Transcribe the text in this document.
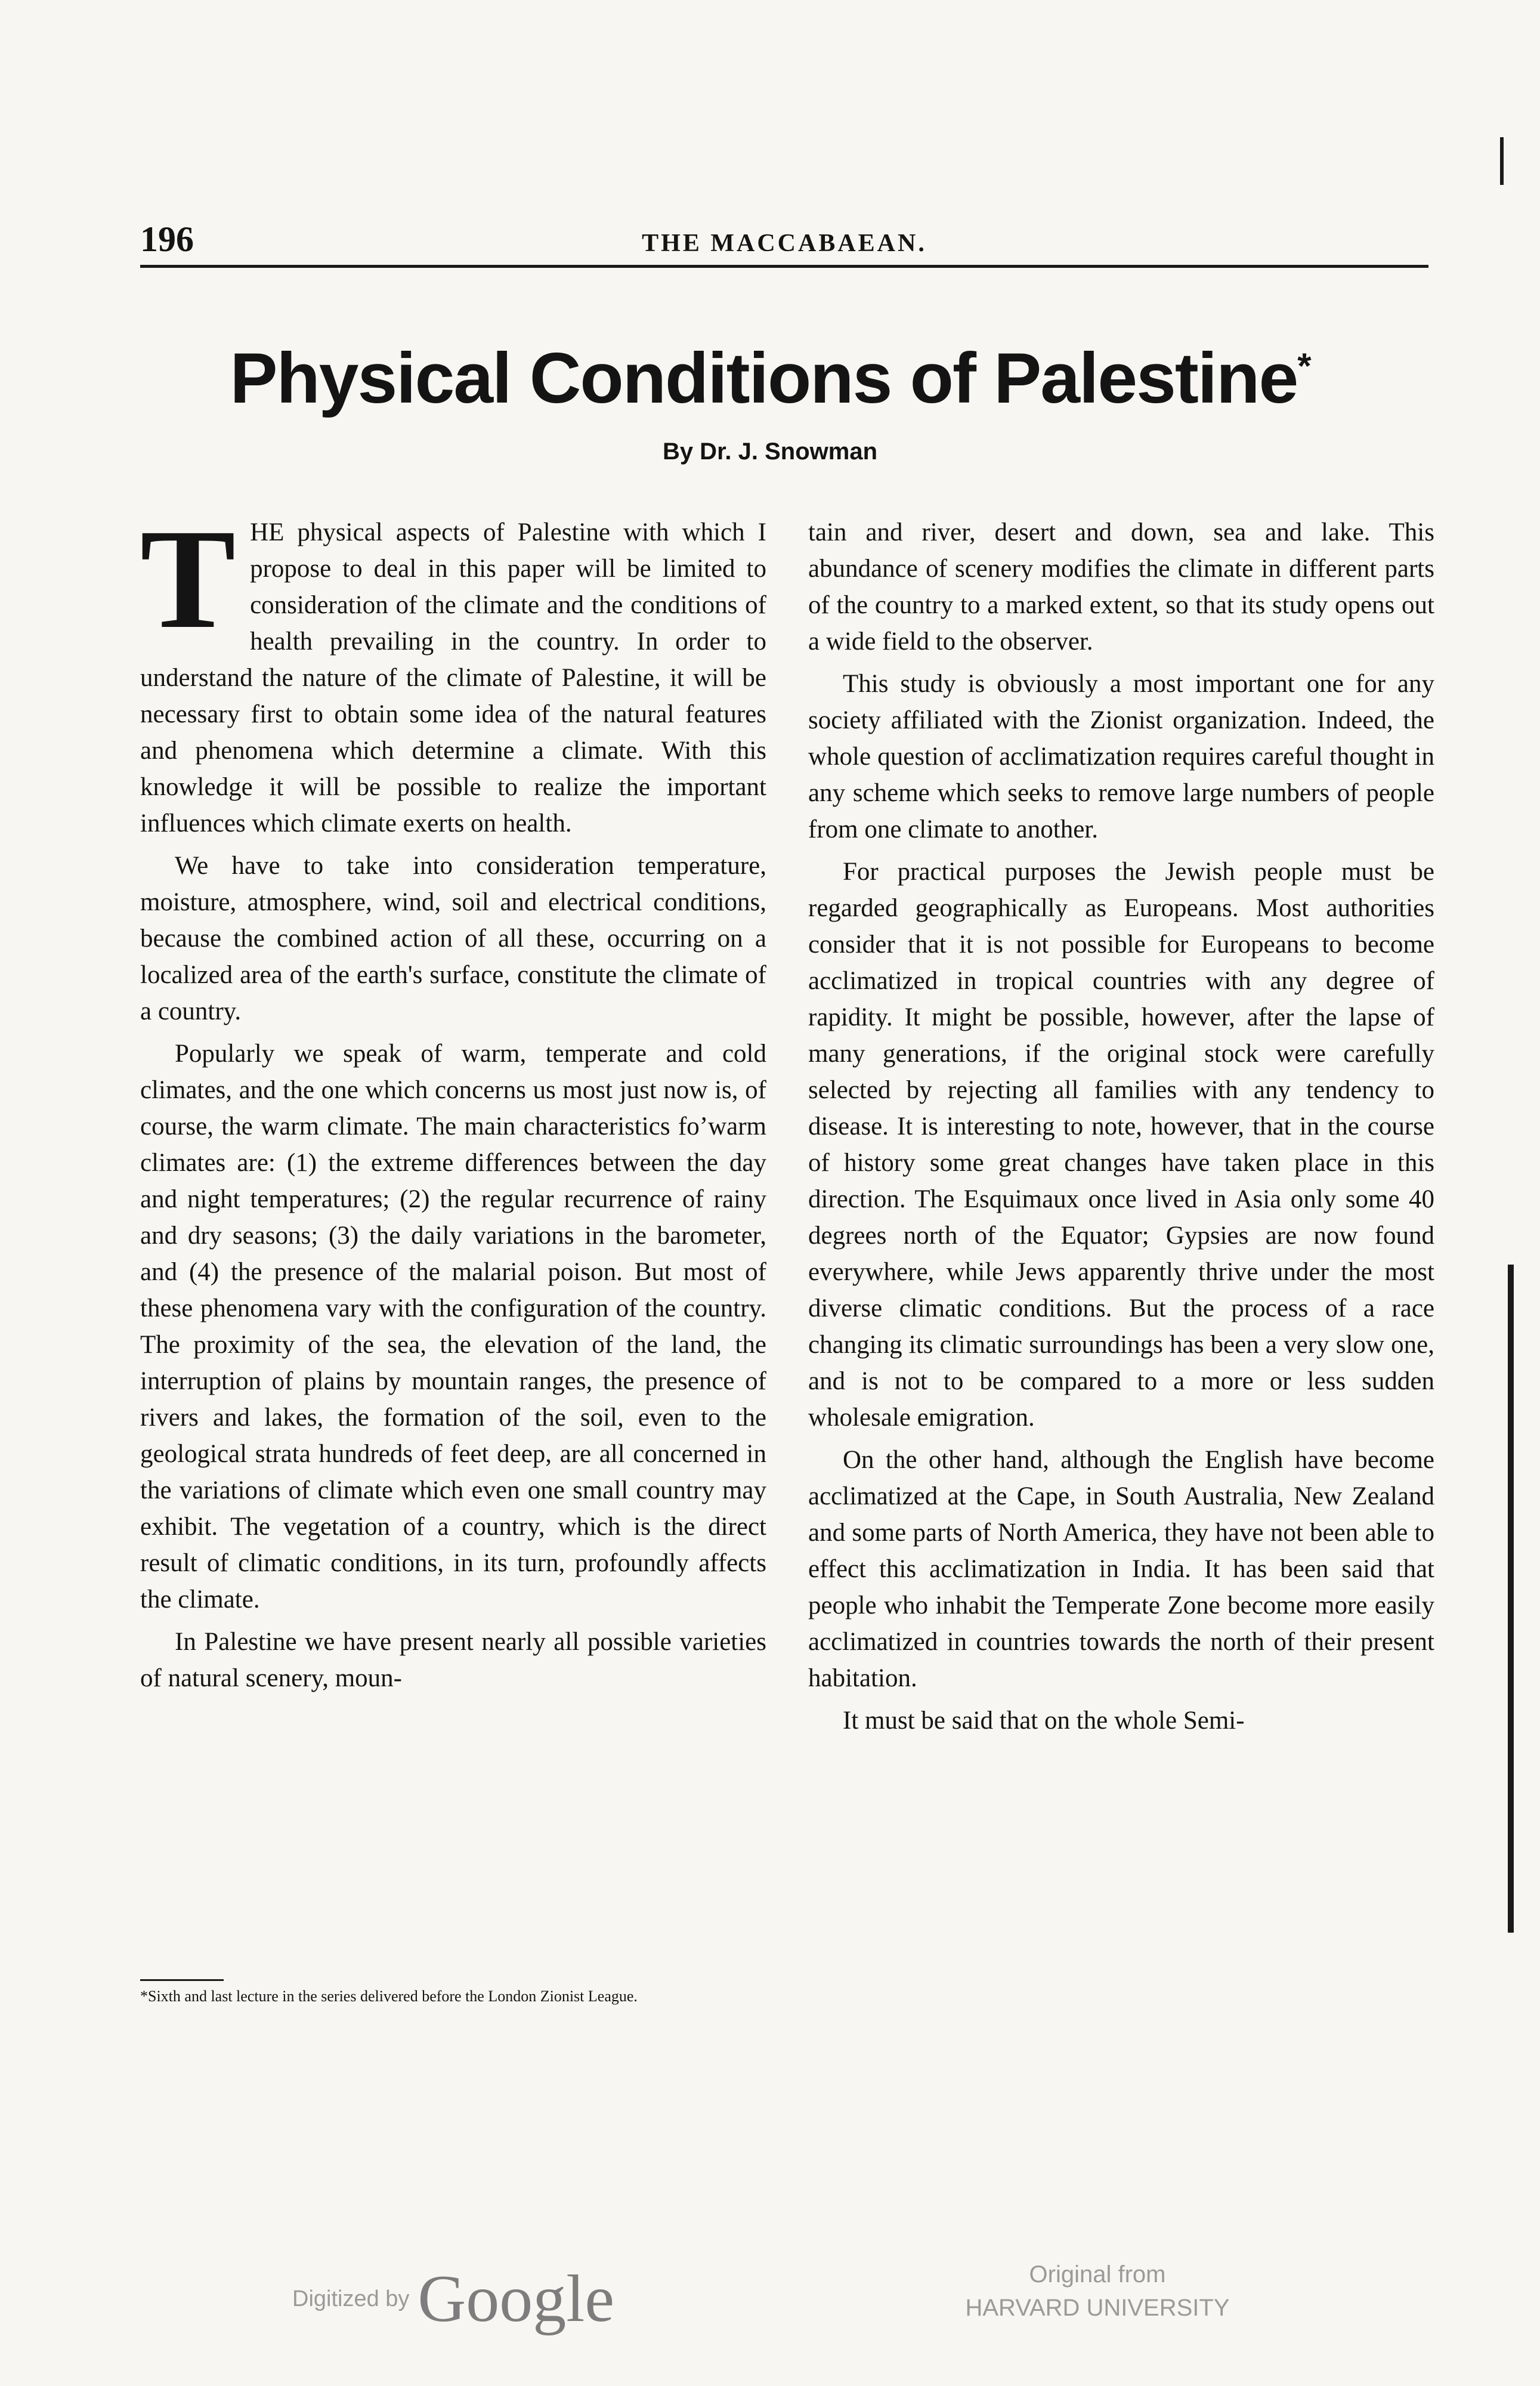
196	THE MACCABAEAN.
Physical Conditions of Palestine*
By Dr. J. Snowman

THE physical aspects of Palestine with which I propose to deal in this paper will be limited to consideration of the climate and the conditions of health prevailing in the country. In order to understand the nature of the climate of Palestine, it will be necessary first to obtain some idea of the natural features and phenomena which determine a climate. With this knowledge it will be possible to realize the important influences which climate exerts on health.

We have to take into consideration temperature, moisture, atmosphere, wind, soil and electrical conditions, because the combined action of all these, occurring on a localized area of the earth's surface, constitute the climate of a country.

Popularly we speak of warm, temperate and cold climates, and the one which concerns us most just now is, of course, the warm climate. The main characteristics foʼwarm climates are: (1) the extreme differences between the day and night temperatures; (2) the regular recurrence of rainy and dry seasons; (3) the daily variations in the barometer, and (4) the presence of the malarial poison. But most of these phenomena vary with the configuration of the country. The proximity of the sea, the elevation of the land, the interruption of plains by mountain ranges, the presence of rivers and lakes, the formation of the soil, even to the geological strata hundreds of feet deep, are all concerned in the variations of climate which even one small country may exhibit. The vegetation of a country, which is the direct result of climatic conditions, in its turn, profoundly affects the climate.

In Palestine we have present nearly all possible varieties of natural scenery, moun-

tain and river, desert and down, sea and lake. This abundance of scenery modifies the climate in different parts of the country to a marked extent, so that its study opens out a wide field to the observer.

This study is obviously a most important one for any society affiliated with the Zionist organization. Indeed, the whole question of acclimatization requires careful thought in any scheme which seeks to remove large numbers of people from one climate to another.

For practical purposes the Jewish people must be regarded geographically as Europeans. Most authorities consider that it is not possible for Europeans to become acclimatized in tropical countries with any degree of rapidity. It might be possible, however, after the lapse of many generations, if the original stock were carefully selected by rejecting all families with any tendency to disease. It is interesting to note, however, that in the course of history some great changes have taken place in this direction. The Esquimaux once lived in Asia only some 40 degrees north of the Equator; Gypsies are now found everywhere, while Jews apparently thrive under the most diverse climatic conditions. But the process of a race changing its climatic surroundings has been a very slow one, and is not to be compared to a more or less sudden wholesale emigration.

On the other hand, although the English have become acclimatized at the Cape, in South Australia, New Zealand and some parts of North America, they have not been able to effect this acclimatization in India. It has been said that people who inhabit the Temperate Zone become more easily acclimatized in countries towards the north of their present habitation.

It must be said that on the whole Semi-

*Sixth and last lecture in the series delivered before the London Zionist League.
Digitized by Google	Original from
HARVARD UNIVERSITY
